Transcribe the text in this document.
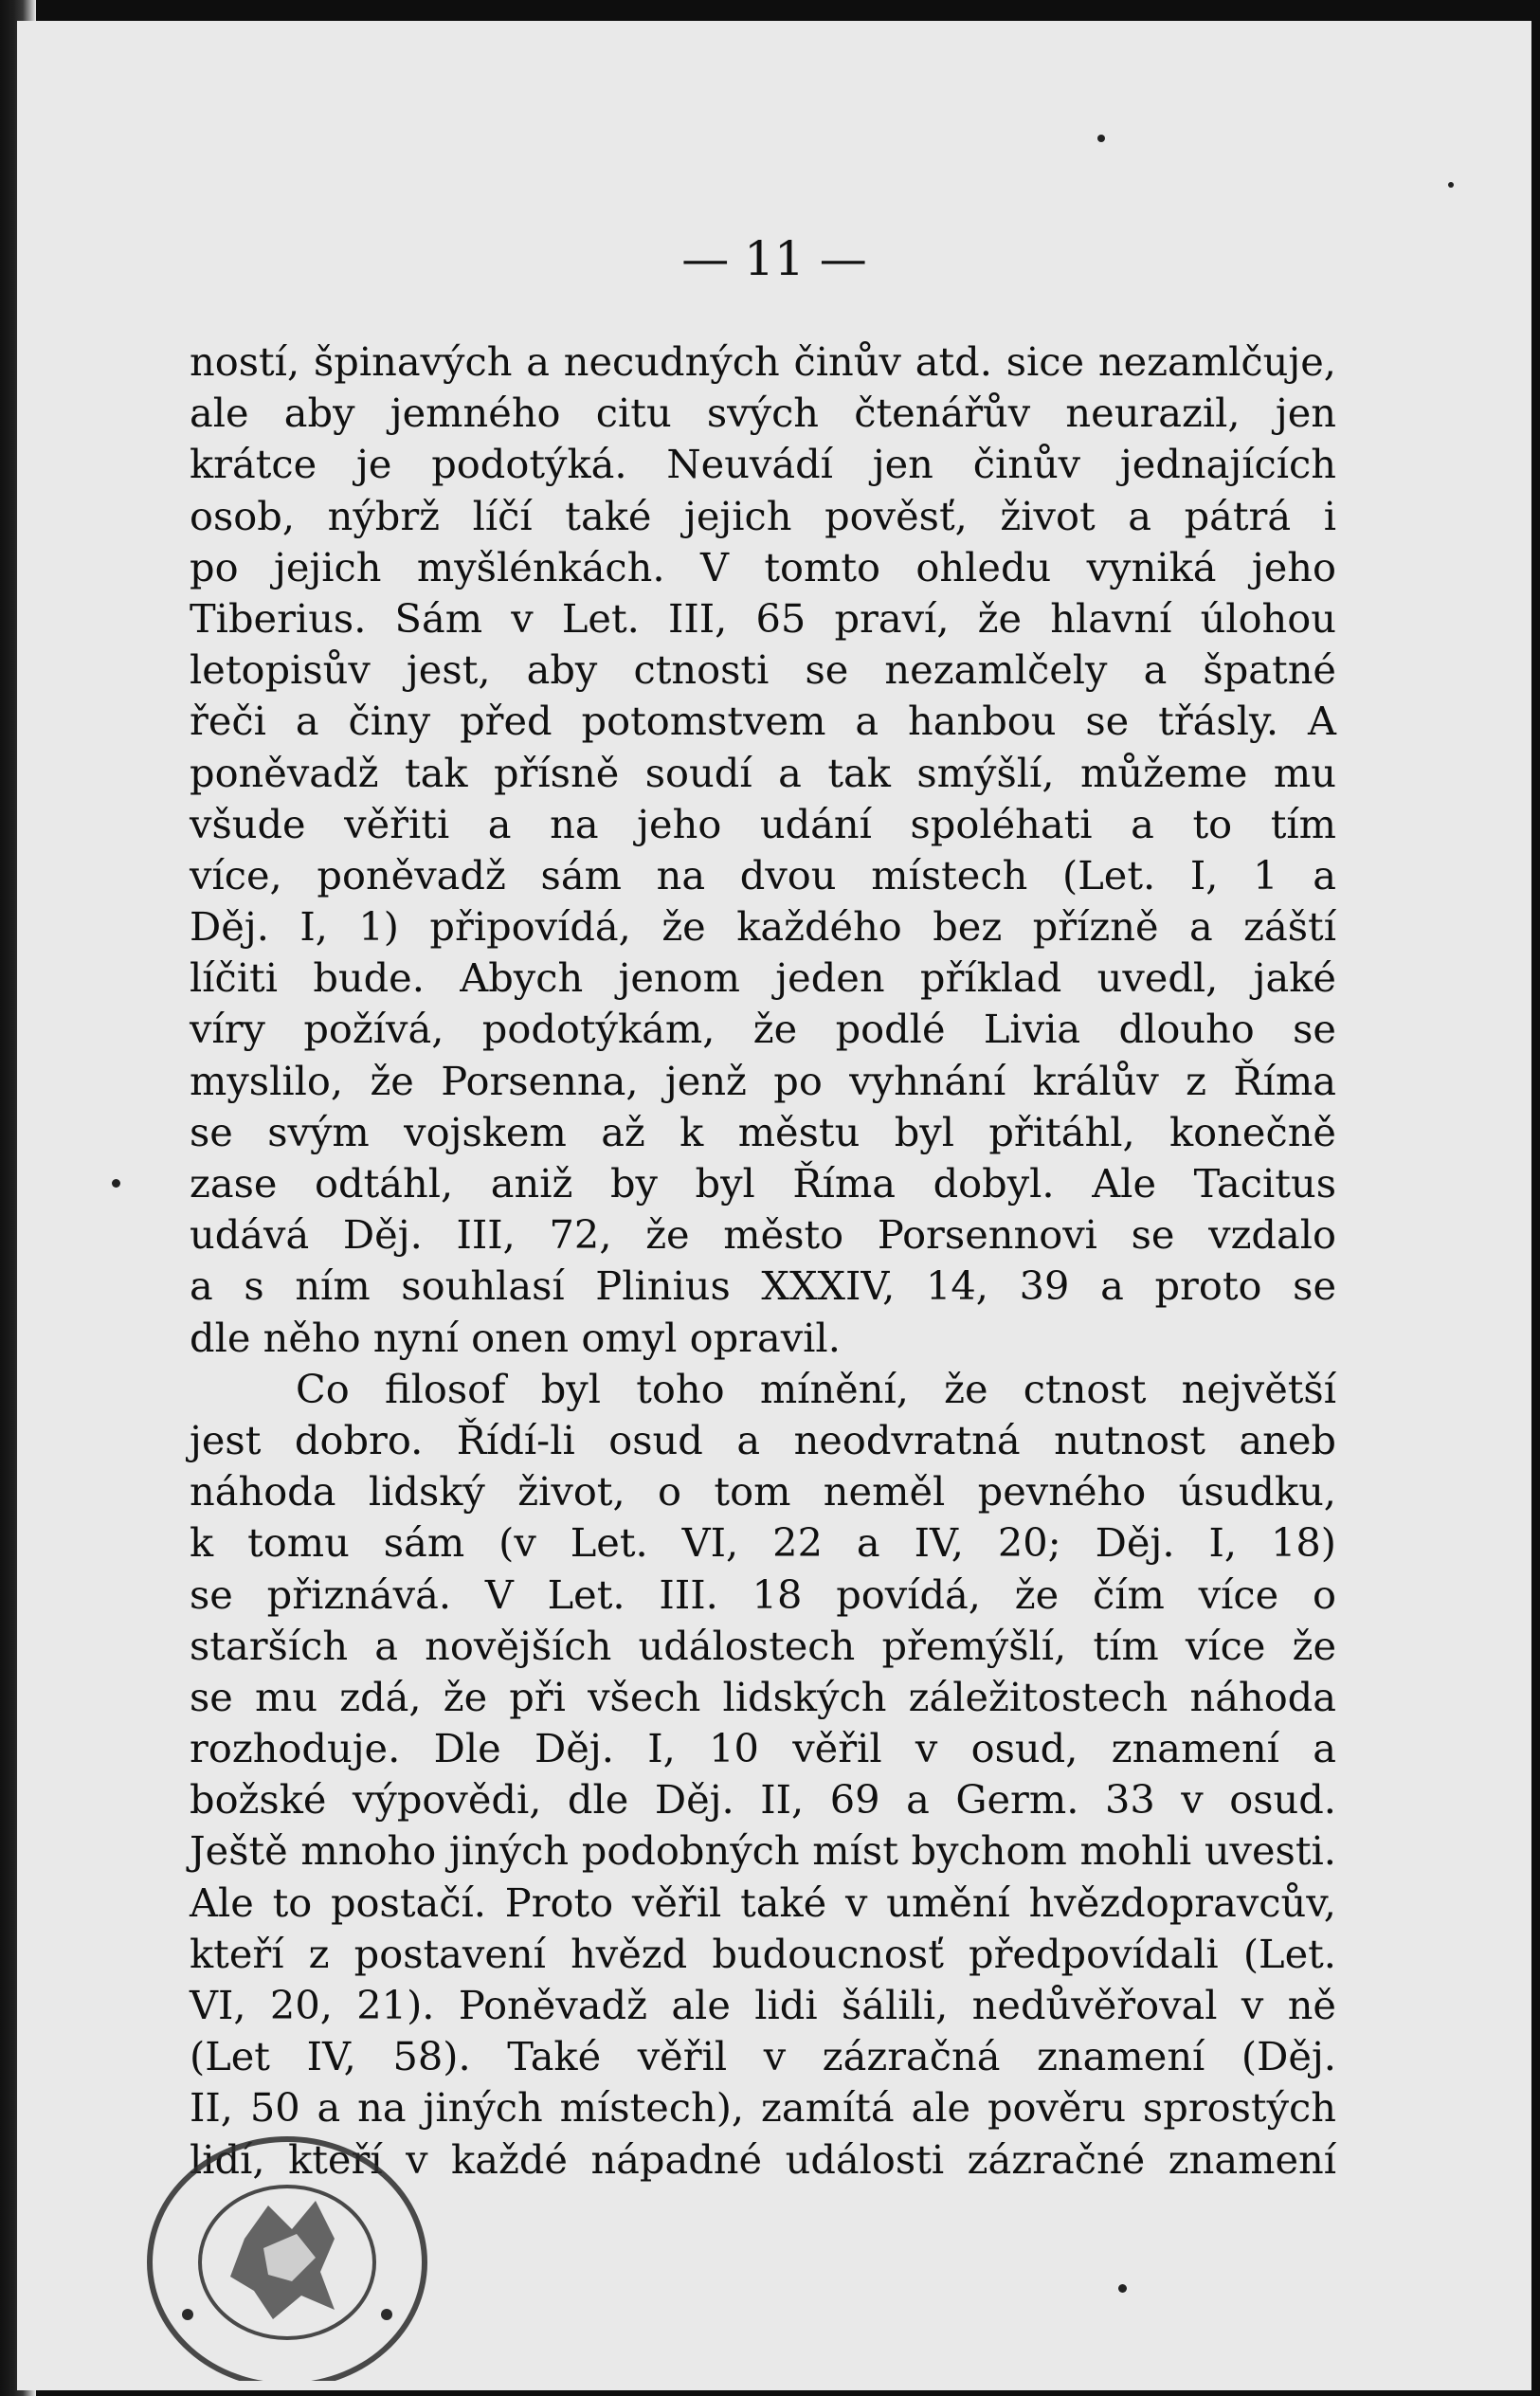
— 11 —
ností, špinavých a necudných činův atd. sice nezamlčuje,
ale aby jemného citu svých čtenářův neurazil, jen
krátce je podotýká. Neuvádí jen činův jednajících
osob, nýbrž líčí také jejich pověsť, život a pátrá i
po jejich myšlénkách. V tomto ohledu vyniká jeho
Tiberius. Sám v Let. III, 65 praví, že hlavní úlohou
letopisův jest, aby ctnosti se nezamlčely a špatné
řeči a činy před potomstvem a hanbou se třásly. A
poněvadž tak přísně soudí a tak smýšlí, můžeme mu
všude věřiti a na jeho udání spoléhati a to tím
více, poněvadž sám na dvou místech (Let. I, 1 a
Děj. I, 1) připovídá, že každého bez přízně a záští
líčiti bude. Abych jenom jeden příklad uvedl, jaké
víry požívá, podotýkám, že podlé Livia dlouho se
myslilo, že Porsenna, jenž po vyhnání králův z Říma
se svým vojskem až k městu byl přitáhl, konečně
zase odtáhl, aniž by byl Říma dobyl. Ale Tacitus
udává Děj. III, 72, že město Porsennovi se vzdalo
a s ním souhlasí Plinius XXXIV, 14, 39 a proto se
dle něho nyní onen omyl opravil.
Co filosof byl toho mínění, že ctnost největší
jest dobro. Řídí-li osud a neodvratná nutnost aneb
náhoda lidský život, o tom neměl pevného úsudku,
k tomu sám (v Let. VI, 22 a IV, 20; Děj. I, 18)
se přiznává. V Let. III. 18 povídá, že čím více o
starších a novějších událostech přemýšlí, tím více že
se mu zdá, že při všech lidských záležitostech náhoda
rozhoduje. Dle Děj. I, 10 věřil v osud, znamení a
božské výpovědi, dle Děj. II, 69 a Germ. 33 v osud.
Ještě mnoho jiných podobných míst bychom mohli uvesti.
Ale to postačí. Proto věřil také v umění hvězdopravcův,
kteří z postavení hvězd budoucnosť předpovídali (Let.
VI, 20, 21). Poněvadž ale lidi šálili, nedůvěřoval v ně
(Let IV, 58). Také věřil v zázračná znamení (Děj.
II, 50 a na jiných místech), zamítá ale pověru sprostých
lidí, kteří v každé nápadné události zázračné znamení
